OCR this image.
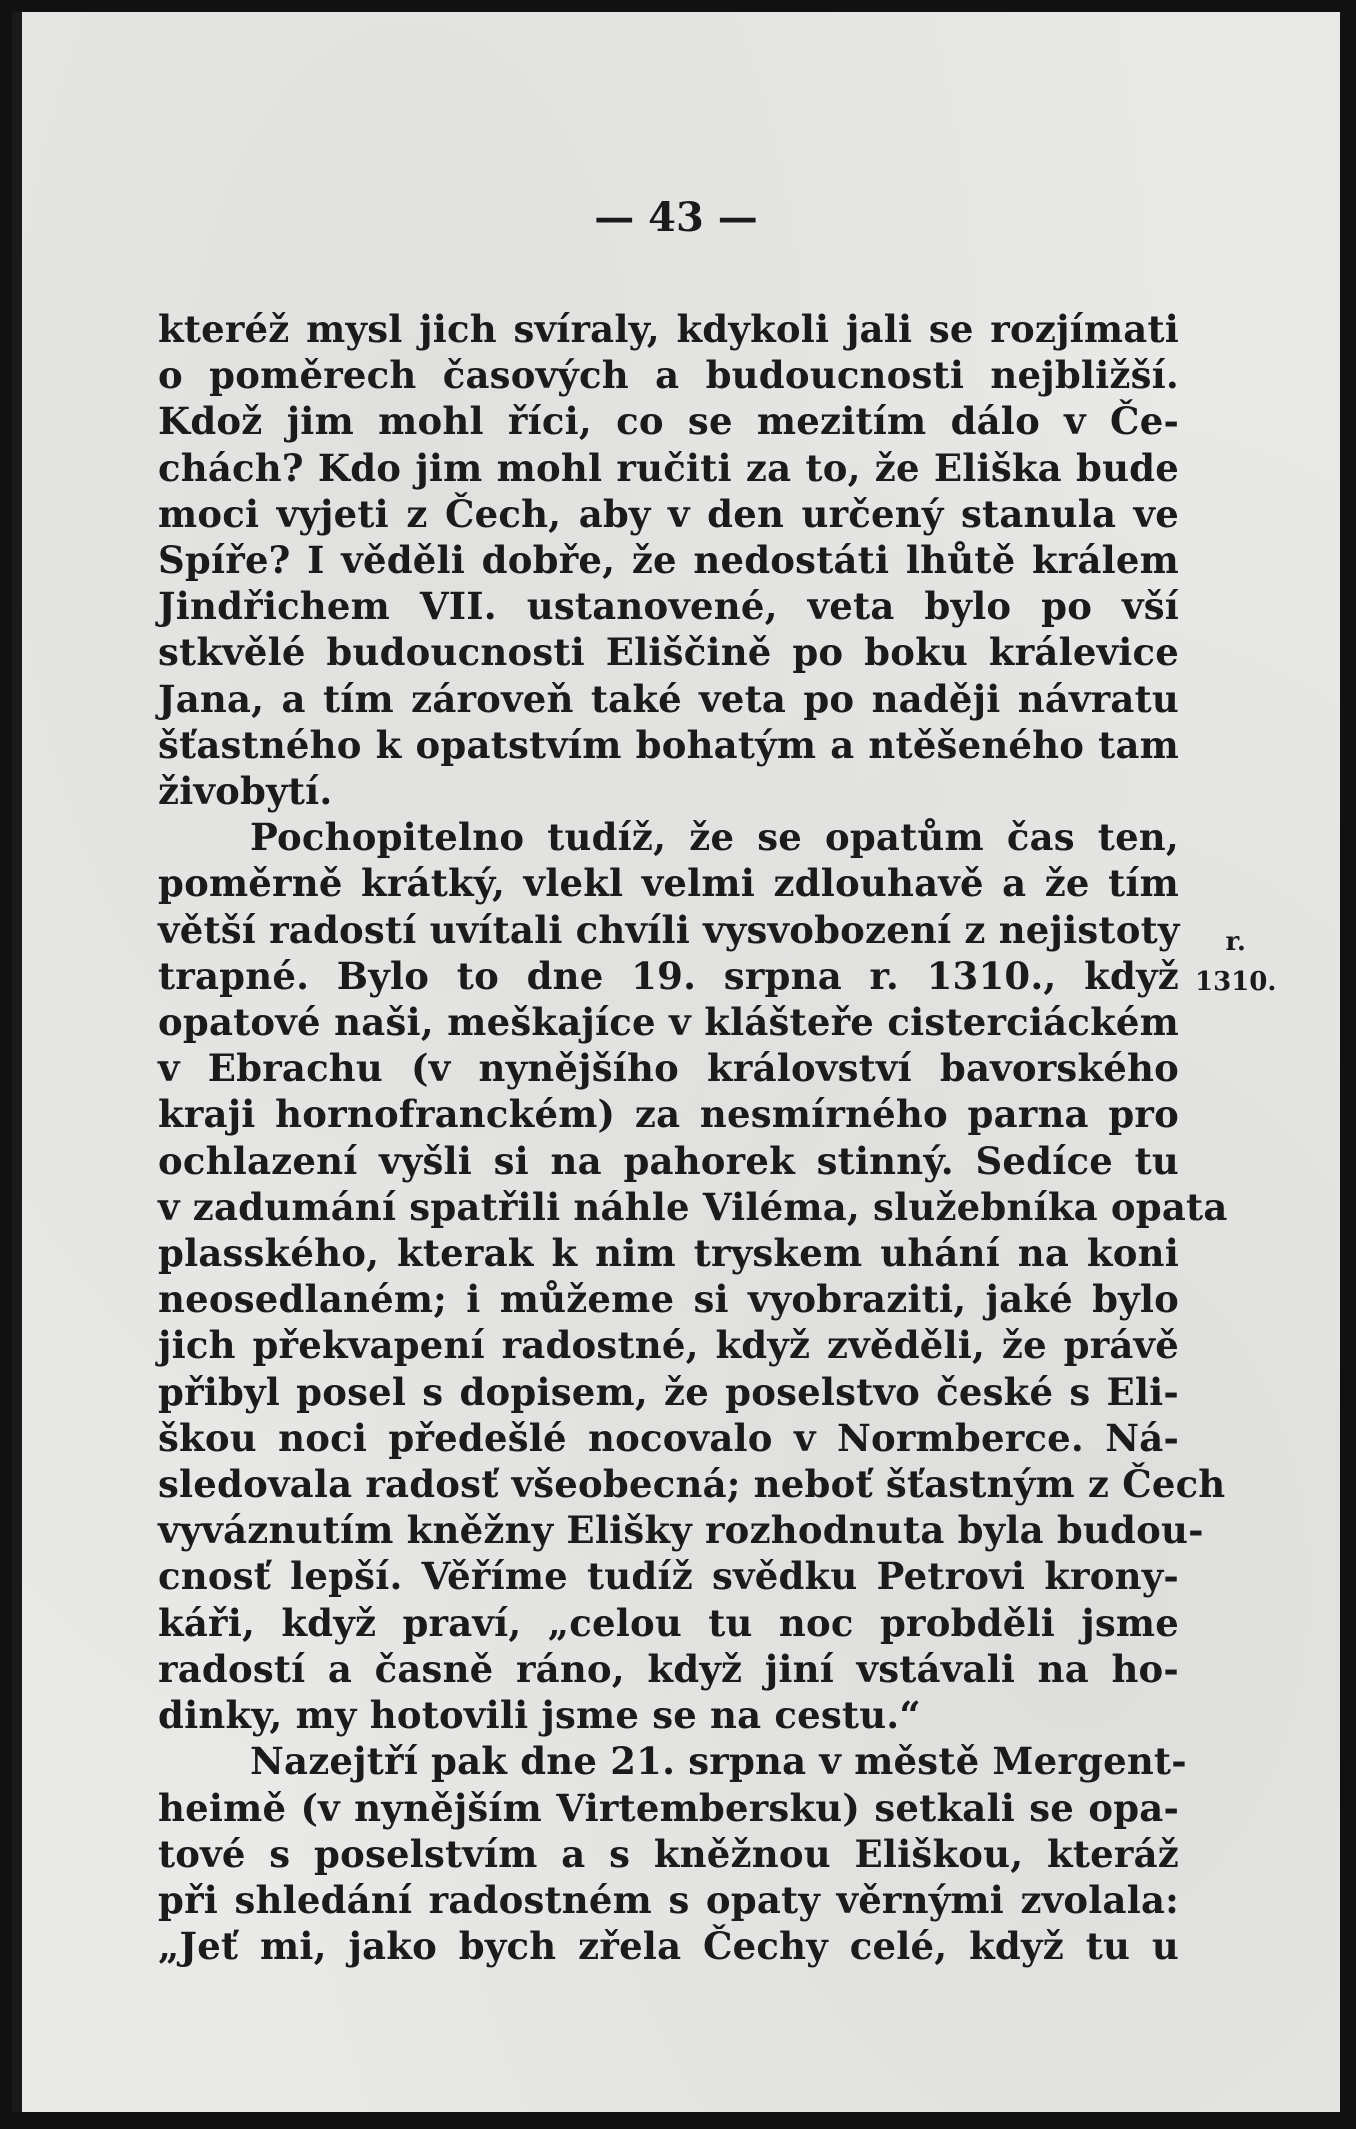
— 43 —

kteréž mysl jich svíraly, kdykoli jali se rozjímati
o poměrech časových a budoucnosti nejbližší.
Kdož jim mohl říci, co se mezitím dálo v Če-
chách? Kdo jim mohl ručiti za to, že Eliška bude
moci vyjeti z Čech, aby v den určený stanula ve
Spíře? I věděli dobře, že nedostáti lhůtě králem
Jindřichem VII. ustanovené, veta bylo po vší
stkvělé budoucnosti Eliščině po boku králevice
Jana, a tím zároveň také veta po naději návratu
šťastného k opatstvím bohatým a ntěšeného tam
živobytí.
Pochopitelno tudíž, že se opatům čas ten,
poměrně krátký, vlekl velmi zdlouhavě a že tím
větší radostí uvítali chvíli vysvobození z nejistoty
trapné. Bylo to dne 19. srpna r. 1310., když
opatové naši, meškajíce v klášteře cisterciáckém
v Ebrachu (v nynějšího království bavorského
kraji hornofranckém) za nesmírného parna pro
ochlazení vyšli si na pahorek stinný. Sedíce tu
v zadumání spatřili náhle Viléma, služebníka opata
plasského, kterak k nim tryskem uhání na koni
neosedlaném; i můžeme si vyobraziti, jaké bylo
jich překvapení radostné, když zvěděli, že právě
přibyl posel s dopisem, že poselstvo české s Eli-
škou noci předešlé nocovalo v Normberce. Ná-
sledovala radosť všeobecná; neboť šťastným z Čech
vyváznutím kněžny Elišky rozhodnuta byla budou-
cnosť lepší. Věříme tudíž svědku Petrovi krony-
káři, když praví, „celou tu noc probděli jsme
radostí a časně ráno, když jiní vstávali na ho-
dinky, my hotovili jsme se na cestu.“
Nazejtří pak dne 21. srpna v městě Mergent-
heimě (v nynějším Virtembersku) setkali se opa-
tové s poselstvím a s kněžnou Eliškou, kteráž
při shledání radostném s opaty věrnými zvolala:
„Jeť mi, jako bych zřela Čechy celé, když tu u
r.
1310.
